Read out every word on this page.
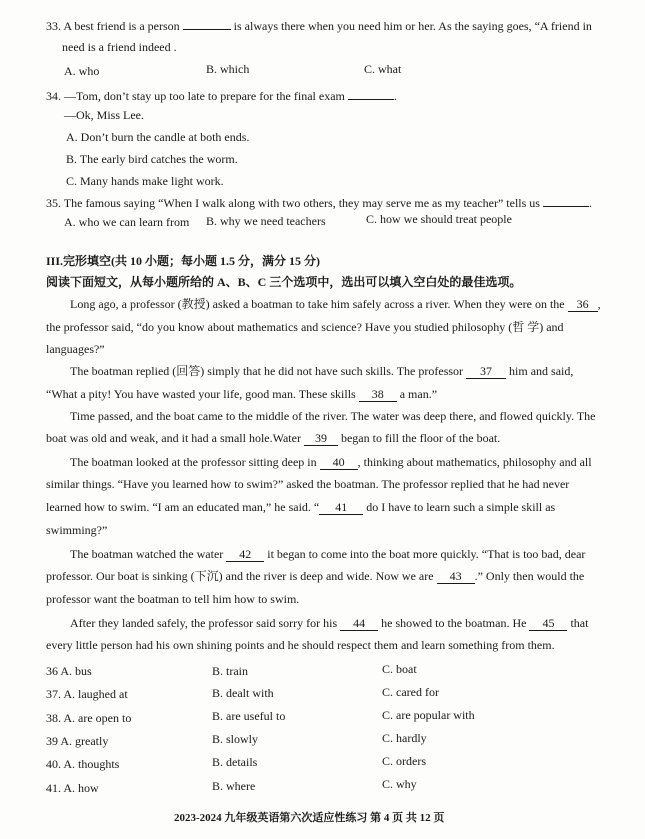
33. A best friend is a person	is always there when you need him or her. As the saying goes, “A friend in
need is a friend indeed .
A. who	B. which	C. what
34. —Tom, don’t stay up too late to prepare for the final exam	.
—Ok, Miss Lee.
A. Don’t burn the candle at both ends.
B. The early bird catches the worm.
C. Many hands make light work.
35. The famous saying “When I walk along with two others, they may serve me as my teacher” tells us	.
A. who we can learn from B. why we need teachers	C. how we should treat people
III.完形填空(共 10 小题；每小题 1.5 分，满分 15 分)
阅读下面短文，从每小题所给的 A、B、C 三个选项中，选出可以填入空白处的最佳选项。
Long ago, a professor (教授) asked a boatman to take him safely across a river. When they were on the 36 ,
the professor said, “do you know about mathematics and science? Have you studied philosophy (哲 学) and
languages?”
The boatman replied (回答) simply that he did not have such skills. The professor 37 him and said,
“What a pity! You have wasted your life, good man. These skills 38 a man.”
Time passed, and the boat came to the middle of the river. The water was deep there, and flowed quickly. The
boat was old and weak, and it had a small hole.Water 39 began to fill the floor of the boat.
The boatman looked at the professor sitting deep in 40 , thinking about mathematics, philosophy and all
similar things. “Have you learned how to swim?” asked the boatman. The professor replied that he had never
learned how to swim. “I am an educated man,” he said. “ 41 do I have to learn such a simple skill as
swimming?”
The boatman watched the water 42 it began to come into the boat more quickly. “That is too bad, dear
professor. Our boat is sinking (下沉) and the river is deep and wide. Now we are 43 .” Only then would the
professor want the boatman to tell him how to swim.
After they landed safely, the professor said sorry for his 44 he showed to the boatman. He 45 that
every little person had his own shining points and he should respect them and learn something from them.
36 A. bus	B. train	C. boat
37. A. laughed at	B. dealt with	C. cared for
38. A. are open to	B. are useful to	C. are popular with
39 A. greatly	B. slowly	C. hardly
40. A. thoughts	B. details	C. orders
41. A. how	B. where	C. why
2023-2024 九年级英语第六次适应性练习 第 4 页 共 12 页
